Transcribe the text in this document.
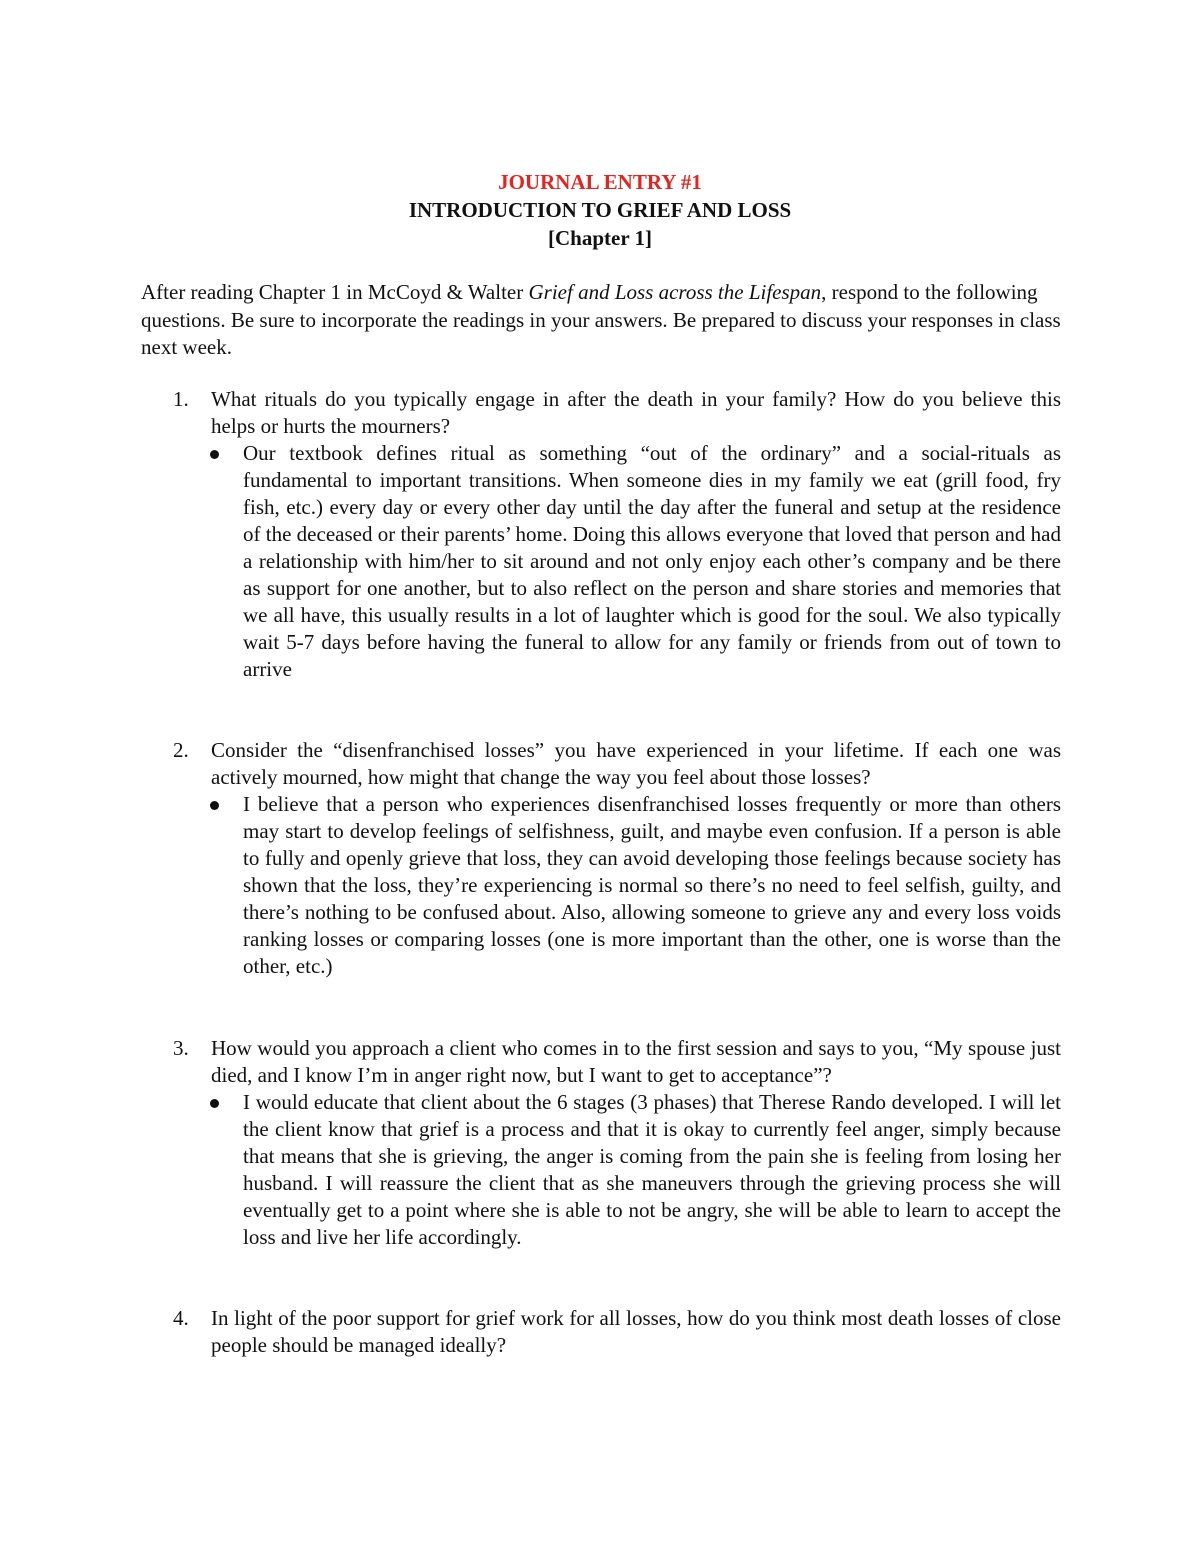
JOURNAL ENTRY #1
INTRODUCTION TO GRIEF AND LOSS
[Chapter 1]

After reading Chapter 1 in McCoyd & Walter Grief and Loss across the Lifespan, respond to the following questions. Be sure to incorporate the readings in your answers. Be prepared to discuss your responses in class next week.

1. What rituals do you typically engage in after the death in your family? How do you believe this helps or hurts the mourners?
Our textbook defines ritual as something “out of the ordinary” and a social-rituals as fundamental to important transitions. When someone dies in my family we eat (grill food, fry fish, etc.) every day or every other day until the day after the funeral and setup at the residence of the deceased or their parents’ home. Doing this allows everyone that loved that person and had a relationship with him/her to sit around and not only enjoy each other’s company and be there as support for one another, but to also reflect on the person and share stories and memories that we all have, this usually results in a lot of laughter which is good for the soul. We also typically wait 5-7 days before having the funeral to allow for any family or friends from out of town to arrive
2. Consider the “disenfranchised losses” you have experienced in your lifetime. If each one was actively mourned, how might that change the way you feel about those losses?
I believe that a person who experiences disenfranchised losses frequently or more than others may start to develop feelings of selfishness, guilt, and maybe even confusion. If a person is able to fully and openly grieve that loss, they can avoid developing those feelings because society has shown that the loss, they’re experiencing is normal so there’s no need to feel selfish, guilty, and there’s nothing to be confused about. Also, allowing someone to grieve any and every loss voids ranking losses or comparing losses (one is more important than the other, one is worse than the other, etc.)
3. How would you approach a client who comes in to the first session and says to you, “My spouse just died, and I know I’m in anger right now, but I want to get to acceptance”?
I would educate that client about the 6 stages (3 phases) that Therese Rando developed. I will let the client know that grief is a process and that it is okay to currently feel anger, simply because that means that she is grieving, the anger is coming from the pain she is feeling from losing her husband. I will reassure the client that as she maneuvers through the grieving process she will eventually get to a point where she is able to not be angry, she will be able to learn to accept the loss and live her life accordingly.
4. In light of the poor support for grief work for all losses, how do you think most death losses of close people should be managed ideally?
